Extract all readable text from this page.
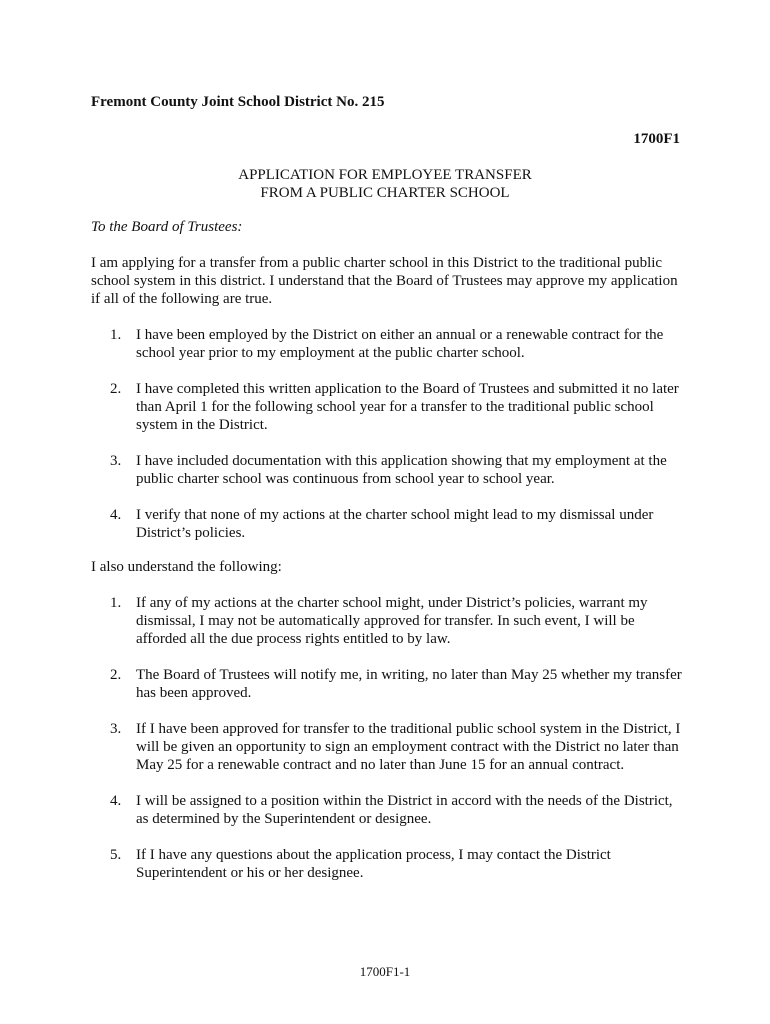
Fremont County Joint School District No. 215

1700F1

APPLICATION FOR EMPLOYEE TRANSFER
FROM A PUBLIC CHARTER SCHOOL

To the Board of Trustees:

I am applying for a transfer from a public charter school in this District to the traditional public school system in this district. I understand that the Board of Trustees may approve my application if all of the following are true.

1. I have been employed by the District on either an annual or a renewable contract for the school year prior to my employment at the public charter school.
2. I have completed this written application to the Board of Trustees and submitted it no later than April 1 for the following school year for a transfer to the traditional public school system in the District.
3. I have included documentation with this application showing that my employment at the public charter school was continuous from school year to school year.
4. I verify that none of my actions at the charter school might lead to my dismissal under District’s policies.

I also understand the following:

1. If any of my actions at the charter school might, under District’s policies, warrant my dismissal, I may not be automatically approved for transfer. In such event, I will be afforded all the due process rights entitled to by law.
2. The Board of Trustees will notify me, in writing, no later than May 25 whether my transfer has been approved.
3. If I have been approved for transfer to the traditional public school system in the District, I will be given an opportunity to sign an employment contract with the District no later than May 25 for a renewable contract and no later than June 15 for an annual contract.
4. I will be assigned to a position within the District in accord with the needs of the District, as determined by the Superintendent or designee.
5. If I have any questions about the application process, I may contact the District Superintendent or his or her designee.

1700F1-1
